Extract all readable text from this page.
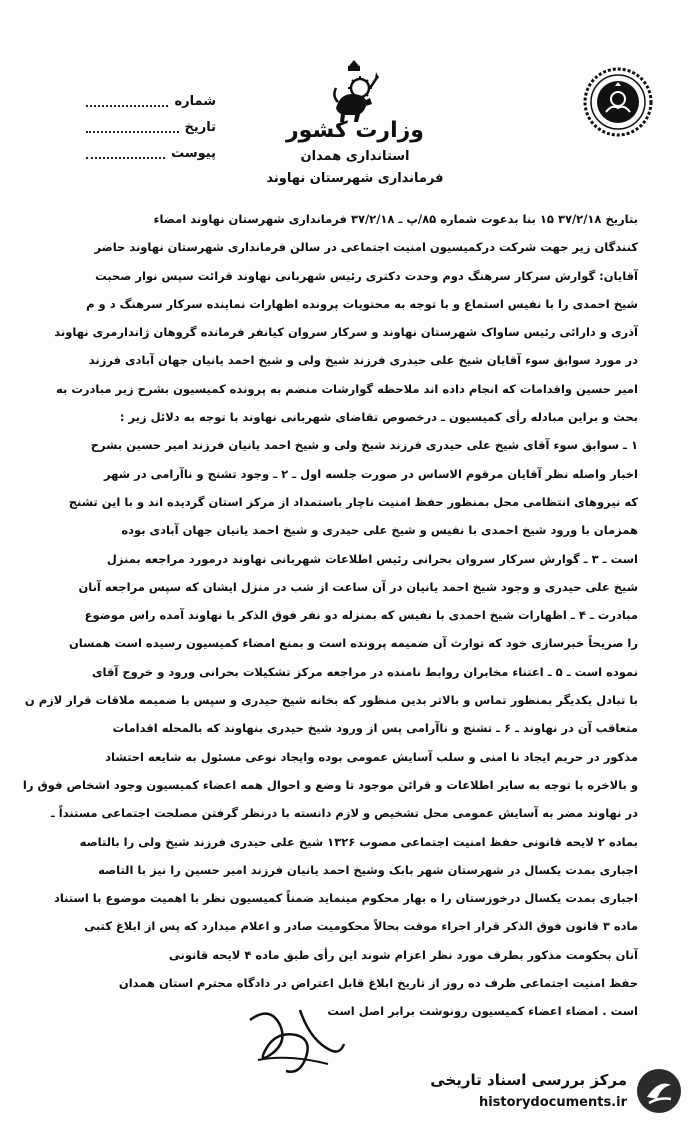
شماره
تاریخ
پیوست

وزارت کشور

استانداری همدان

فرمانداری شهرستان نهاوند

بتاریخ ۳۷/۲/۱۸ ۱۵ بنا بدعوت شماره ۸۵/پ ـ ۳۷/۲/۱۸ فرمانداری شهرستان نهاوند امضاء
کنندگان زیر جهت شرکت درکمیسیون امنیت اجتماعی در سالن فرمانداری شهرستان نهاوند حاضر
آقایان: گوارش سرکار سرهنگ دوم وحدت دکتری رئیس شهربانی نهاوند قرائت سپس نوار صحبت
شیخ احمدی را با نفیس استماع و با توجه به محتویات پرونده اظهارات نماینده سرکار سرهنگ د و م
آذری و دارائی رئیس ساواک شهرستان نهاوند و سرکار سروان کیانفر فرمانده گروهان ژاندارمری نهاوند
در مورد سوابق سوء آقایان شیخ علی حیدری فرزند شیخ ولی و شیخ احمد یانیان جهان آبادی فرزند
امیر حسین واقدامات که انجام داده اند ملاحظه گوارشات منضم به پرونده کمیسیون بشرح زیر مبادرت به
بحث و براین مبادله رأی کمیسیون ـ درخصوص تقاضای شهربانی نهاوند با توجه به دلائل زیر :
۱ ـ سوابق سوء آقای شیخ علی حیدری فرزند شیخ ولی و شیخ احمد یانیان فرزند امیر حسین بشرح
اخبار واصله نظر آقایان مرقوم الاساس در صورت جلسه اول ـ ۲ ـ وجود تشنج و ناآرامی در شهر
که نیروهای انتظامی محل بمنظور حفظ امنیت ناچار باستمداد از مرکز استان گردیده اند و با این تشنج
همزمان با ورود شیخ احمدی با نفیس و شیخ علی حیدری و شیخ احمد یانیان جهان آبادی بوده
است ـ ۳ ـ گوارش سرکار سروان بحرانی رئیس اطلاعات شهربانی نهاوند درمورد مراجعه بمنزل
شیخ علی حیدری و وجود شیخ احمد یانیان در آن ساعت از شب در منزل ایشان که سپس مراجعه آنان
مبادرت ـ ۴ ـ اظهارات شیخ احمدی با نفیس که بمنزله دو نفر فوق الذکر با نهاوند آمده راس موضوع
را صریحاً خبرسازی خود که توارث آن ضمیمه پرونده است و بمنع امضاء کمیسیون رسیده است همسان
نموده است ـ ۵ ـ اعتناء مخابران روابط نامنده در مراجعه مرکز تشکیلات بحرانی ورود و خروج آقای
با تبادل یکدیگر بمنظور تماس و بالاتر بدین منظور که بخانه شیخ حیدری و سپس با ضمیمه ملاقات قرار لازم ن
متعاقب آن در نهاوند ـ ۶ ـ تشنج و ناآرامی پس از ورود شیخ حیدری بنهاوند که بالمحله اقدامات
مذکور در حریم ایجاد نا امنی و سلب آسایش عمومی بوده وایجاد نوعی مسئول به شایعه احتشاد
و بالاخره با توجه به سایر اطلاعات و قرائن موجود تا وضع و احوال همه اعضاء کمیسیون وجود اشخاص فوق را
در نهاوند مضر به آسایش عمومی محل تشخیص و لازم دانسته با درنظر گرفتن مصلحت اجتماعی مستنداً ـ
بماده ۲ لایحه قانونی حفظ امنیت اجتماعی مصوب ۱۳۲۶ شیخ علی حیدری فرزند شیخ ولی را بالتاصه
اجباری بمدت یکسال در شهرستان شهر بابک وشیخ احمد یانیان فرزند امیر حسین را نیز با التاصه
اجباری بمدت یکسال درخوزستان را ه بهار محکوم مینماید ضمناً کمیسیون نظر با اهمیت موضوع با استناد
ماده ۳ قانون فوق الذکر قرار اجراء موقت بحالاً محکومیت صادر و اعلام میدارد که پس از ابلاغ کتبی
آنان بحکومت مذکور بطرف مورد نظر اعزام شوند این رأی طبق ماده ۴ لایحه قانونی
حفظ امنیت اجتماعی ظرف ده روز از تاریخ ابلاغ قابل اعتراض در دادگاه محترم استان همدان
است . امضاء اعضاء کمیسیون رونوشت برابر اصل است
مرکز بررسی اسناد تاریخی
historydocuments.ir
